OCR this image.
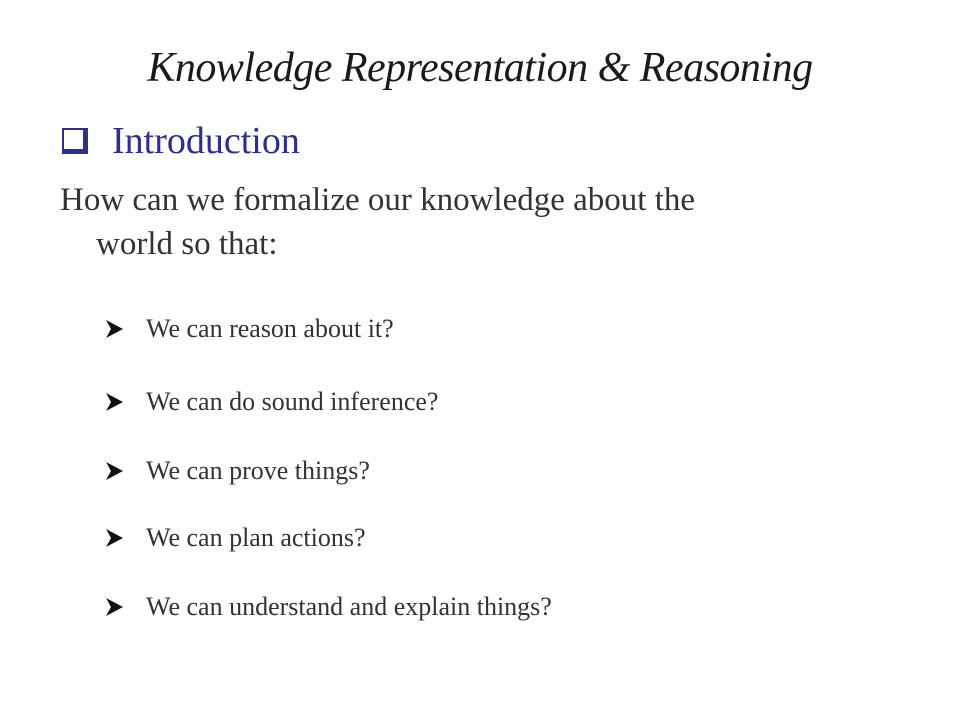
Knowledge Representation & Reasoning
Introduction
How can we formalize our knowledge about the
world so that:
We can reason about it?
We can do sound inference?
We can prove things?
We can plan actions?
We can understand and explain things?
